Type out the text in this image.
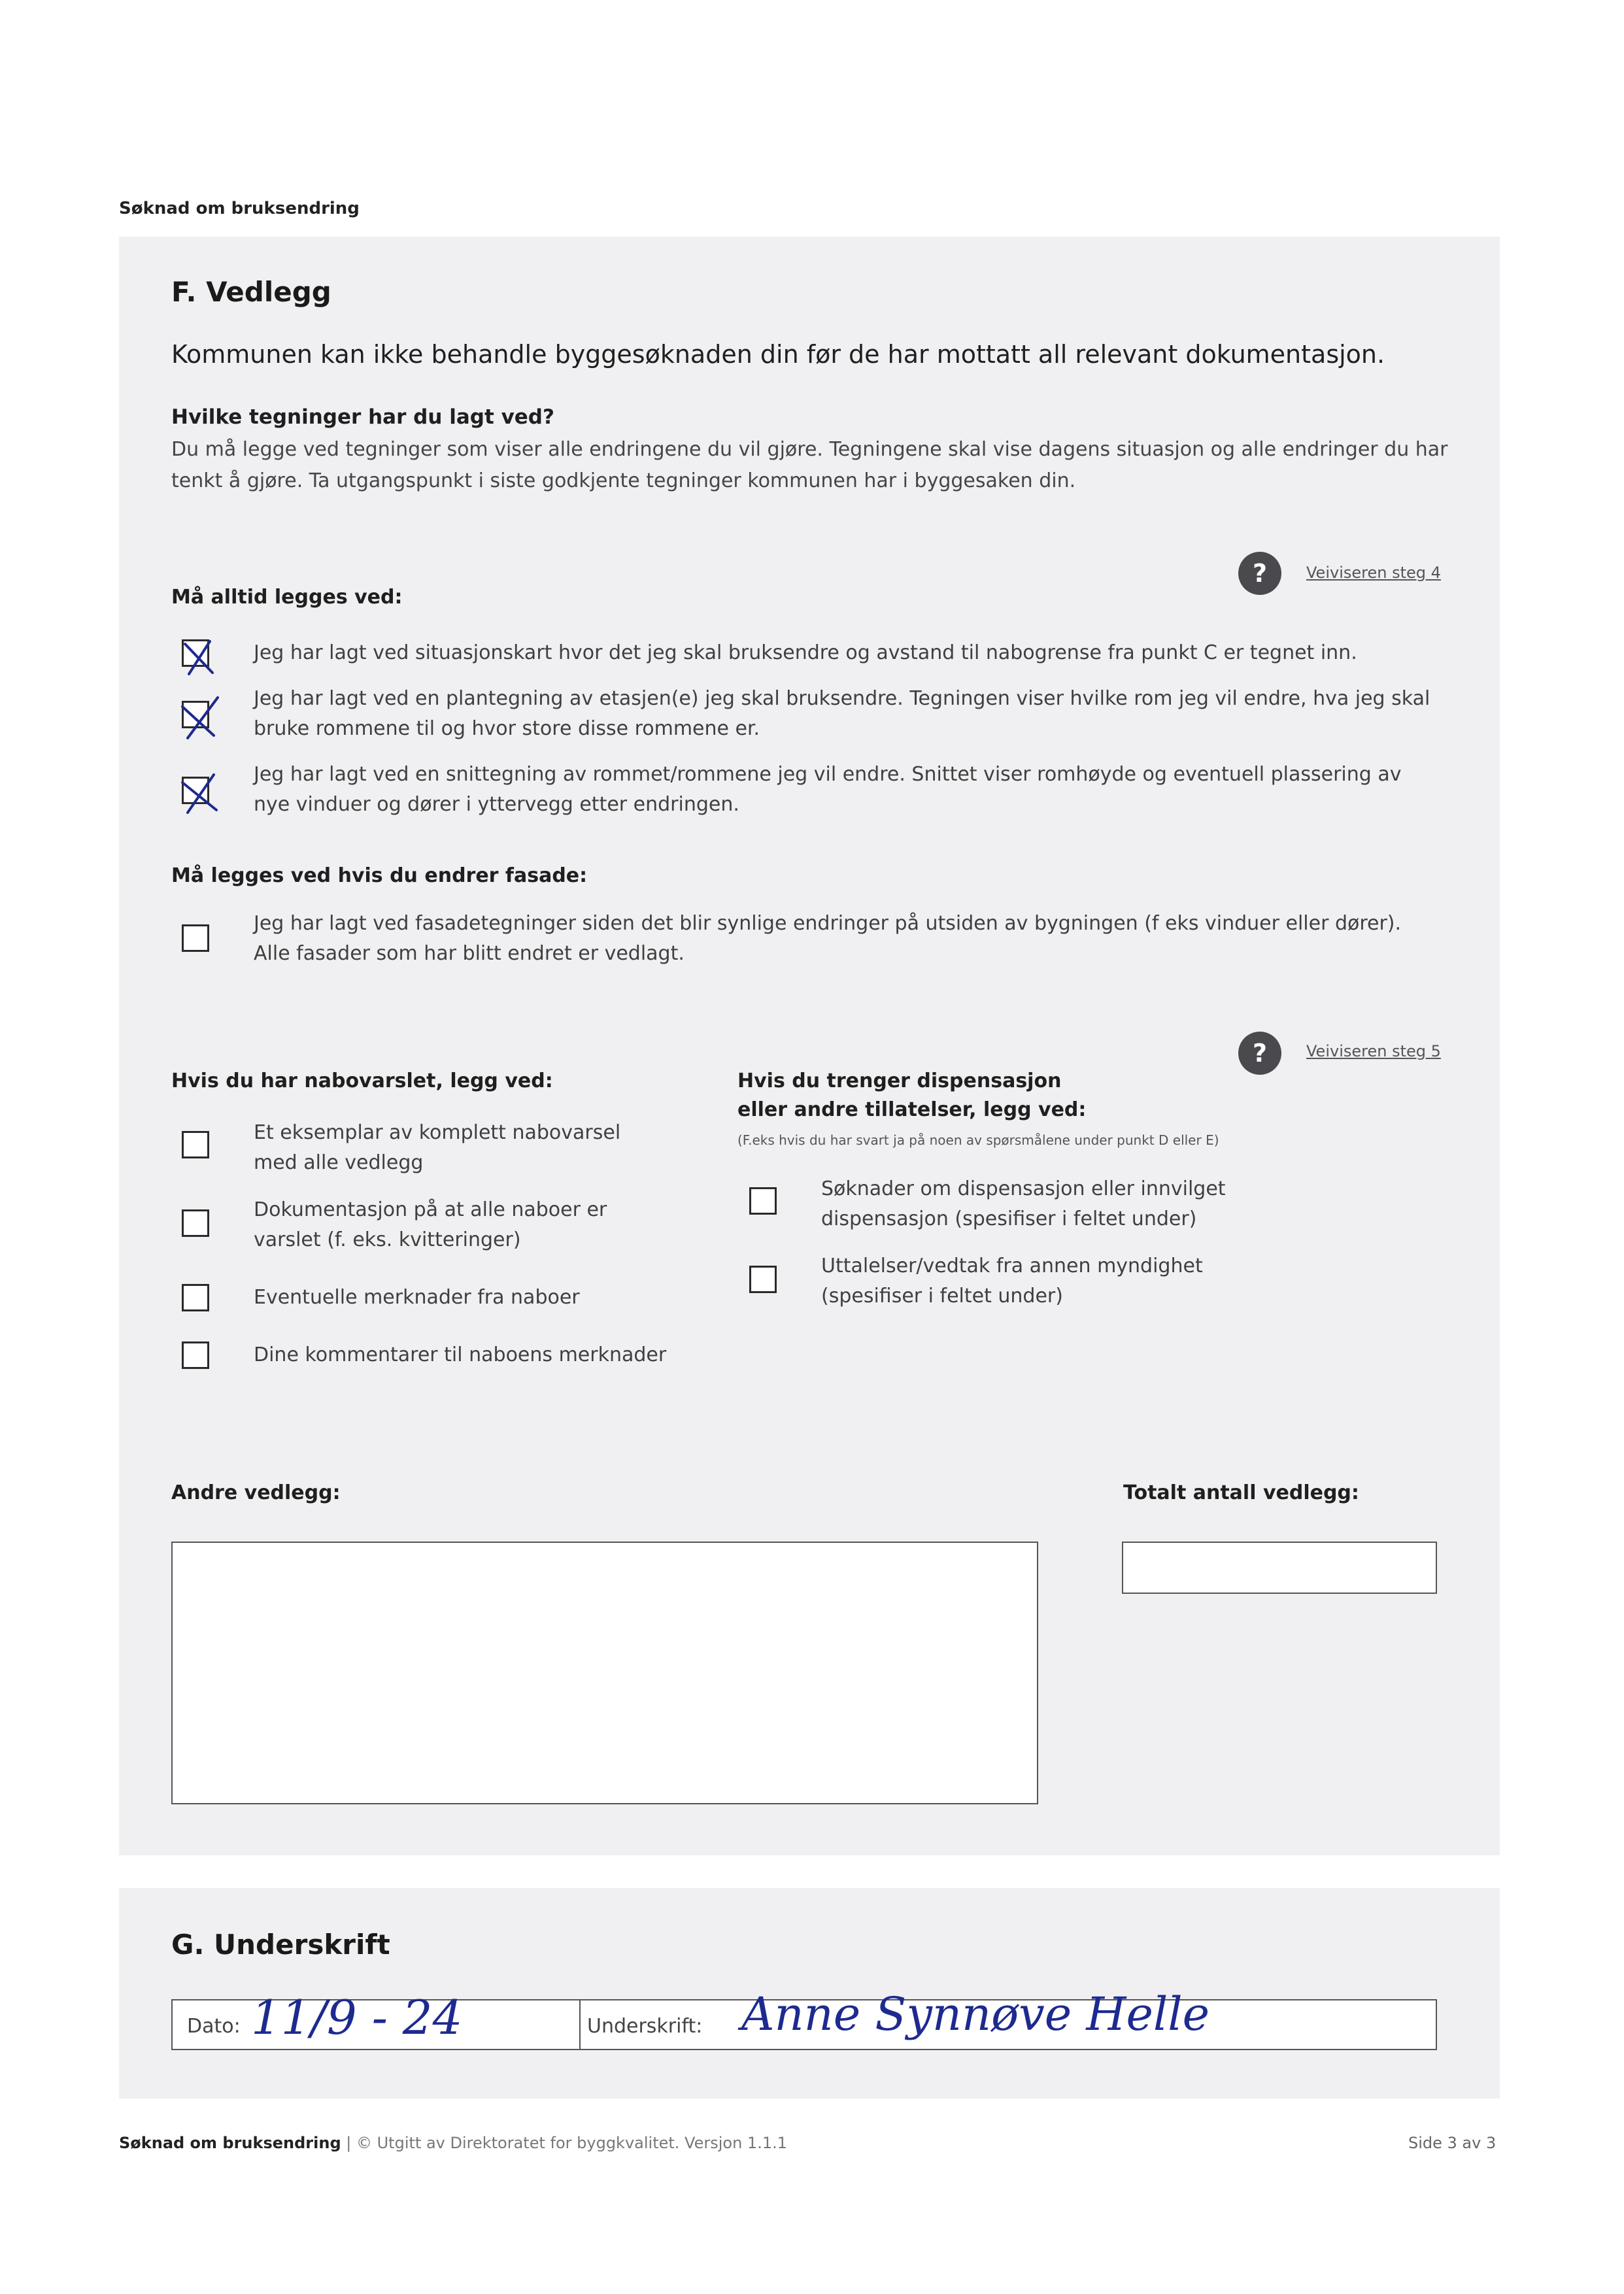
Søknad om bruksendring
F. Vedlegg
Kommunen kan ikke behandle byggesøknaden din før de har mottatt all relevant dokumentasjon.
Hvilke tegninger har du lagt ved?
Du må legge ved tegninger som viser alle endringene du vil gjøre. Tegningene skal vise dagens situasjon og alle endringer du har
tenkt å gjøre. Ta utgangspunkt i siste godkjente tegninger kommunen har i byggesaken din.
?	Veiviseren steg 4
Må alltid legges ved:
Jeg har lagt ved situasjonskart hvor det jeg skal bruksendre og avstand til nabogrense fra punkt C er tegnet inn.
Jeg har lagt ved en plantegning av etasjen(e) jeg skal bruksendre. Tegningen viser hvilke rom jeg vil endre, hva jeg skal
bruke rommene til og hvor store disse rommene er.
Jeg har lagt ved en snittegning av rommet/rommene jeg vil endre. Snittet viser romhøyde og eventuell plassering av
nye vinduer og dører i yttervegg etter endringen.
Må legges ved hvis du endrer fasade:
Jeg har lagt ved fasadetegninger siden det blir synlige endringer på utsiden av bygningen (f eks vinduer eller dører).
Alle fasader som har blitt endret er vedlagt.
?	Veiviseren steg 5
Hvis du har nabovarslet, legg ved:
Et eksemplar av komplett nabovarsel
med alle vedlegg
Dokumentasjon på at alle naboer er
varslet (f. eks. kvitteringer)
Eventuelle merknader fra naboer
Dine kommentarer til naboens merknader
Hvis du trenger dispensasjon
eller andre tillatelser, legg ved:
(F.eks hvis du har svart ja på noen av spørsmålene under punkt D eller E)
Søknader om dispensasjon eller innvilget
dispensasjon (spesifiser i feltet under)
Uttalelser/vedtak fra annen myndighet
(spesifiser i feltet under)
Andre vedlegg:	Totalt antall vedlegg:
G. Underskrift
Dato: 11/9 - 24	Underskrift: Anne Synnøve Helle
Søknad om bruksendring | © Utgitt av Direktoratet for byggkvalitet. Versjon 1.1.1	Side 3 av 3
